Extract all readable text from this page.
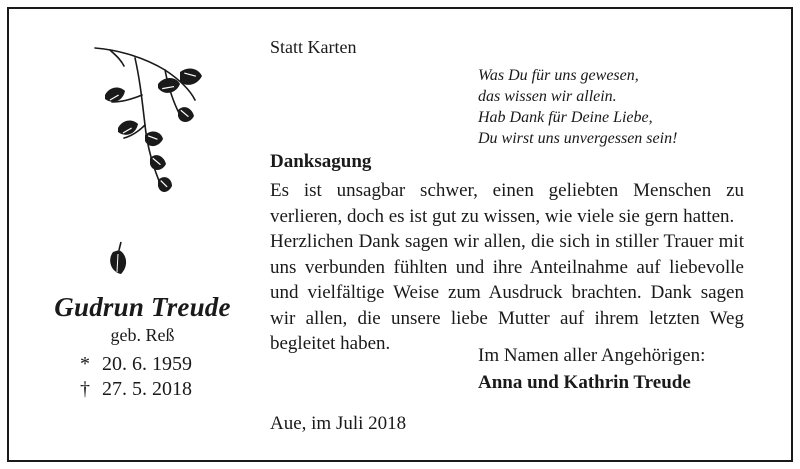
Gudrun Treude
geb. Reß
* 20. 6. 1959
† 27. 5. 2018
Statt Karten
Was Du für uns gewesen,
das wissen wir allein.
Hab Dank für Deine Liebe,
Du wirst uns unvergessen sein!
Danksagung

Es ist unsagbar schwer, einen geliebten Menschen zu verlieren, doch es ist gut zu wissen, wie viele sie gern hatten.

Herzlichen Dank sagen wir allen, die sich in stiller Trauer mit uns verbunden fühlten und ihre Anteilnahme auf liebevolle und vielfältige Weise zum Ausdruck brachten. Dank sagen wir allen, die unsere liebe Mutter auf ihrem letzten Weg begleitet haben.

Im Namen aller Angehörigen:
Anna und Kathrin Treude
Aue, im Juli 2018
